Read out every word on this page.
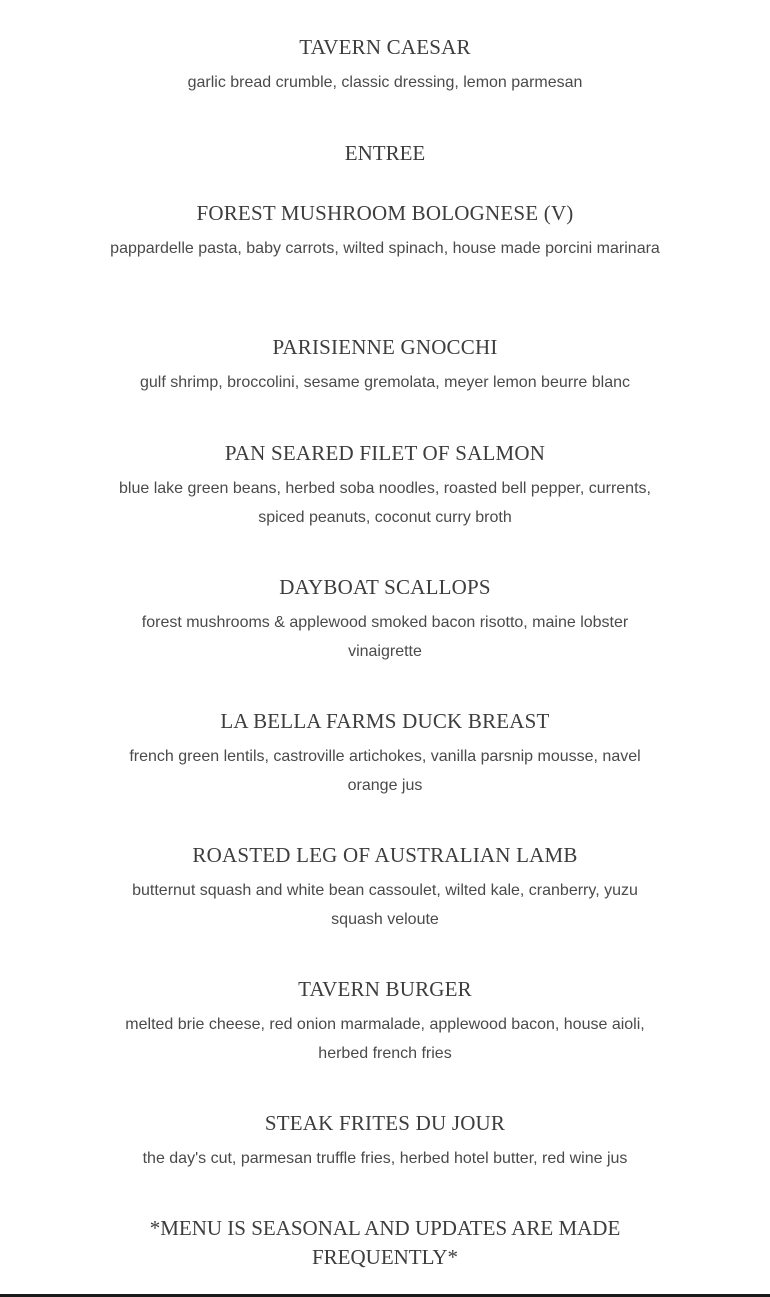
TAVERN CAESAR
garlic bread crumble, classic dressing, lemon parmesan
ENTREE
FOREST MUSHROOM BOLOGNESE (V)
pappardelle pasta, baby carrots, wilted spinach, house made porcini marinara
PARISIENNE GNOCCHI
gulf shrimp, broccolini, sesame gremolata, meyer lemon beurre blanc
PAN SEARED FILET OF SALMON
blue lake green beans, herbed soba noodles, roasted bell pepper, currents, spiced peanuts, coconut curry broth
DAYBOAT SCALLOPS
forest mushrooms & applewood smoked bacon risotto, maine lobster vinaigrette
LA BELLA FARMS DUCK BREAST
french green lentils, castroville artichokes, vanilla parsnip mousse, navel orange jus
ROASTED LEG OF AUSTRALIAN LAMB
butternut squash and white bean cassoulet, wilted kale, cranberry, yuzu squash veloute
TAVERN BURGER
melted brie cheese, red onion marmalade, applewood bacon, house aioli, herbed french fries
STEAK FRITES DU JOUR
the day's cut, parmesan truffle fries, herbed hotel butter, red wine jus
*MENU IS SEASONAL AND UPDATES ARE MADE FREQUENTLY*
